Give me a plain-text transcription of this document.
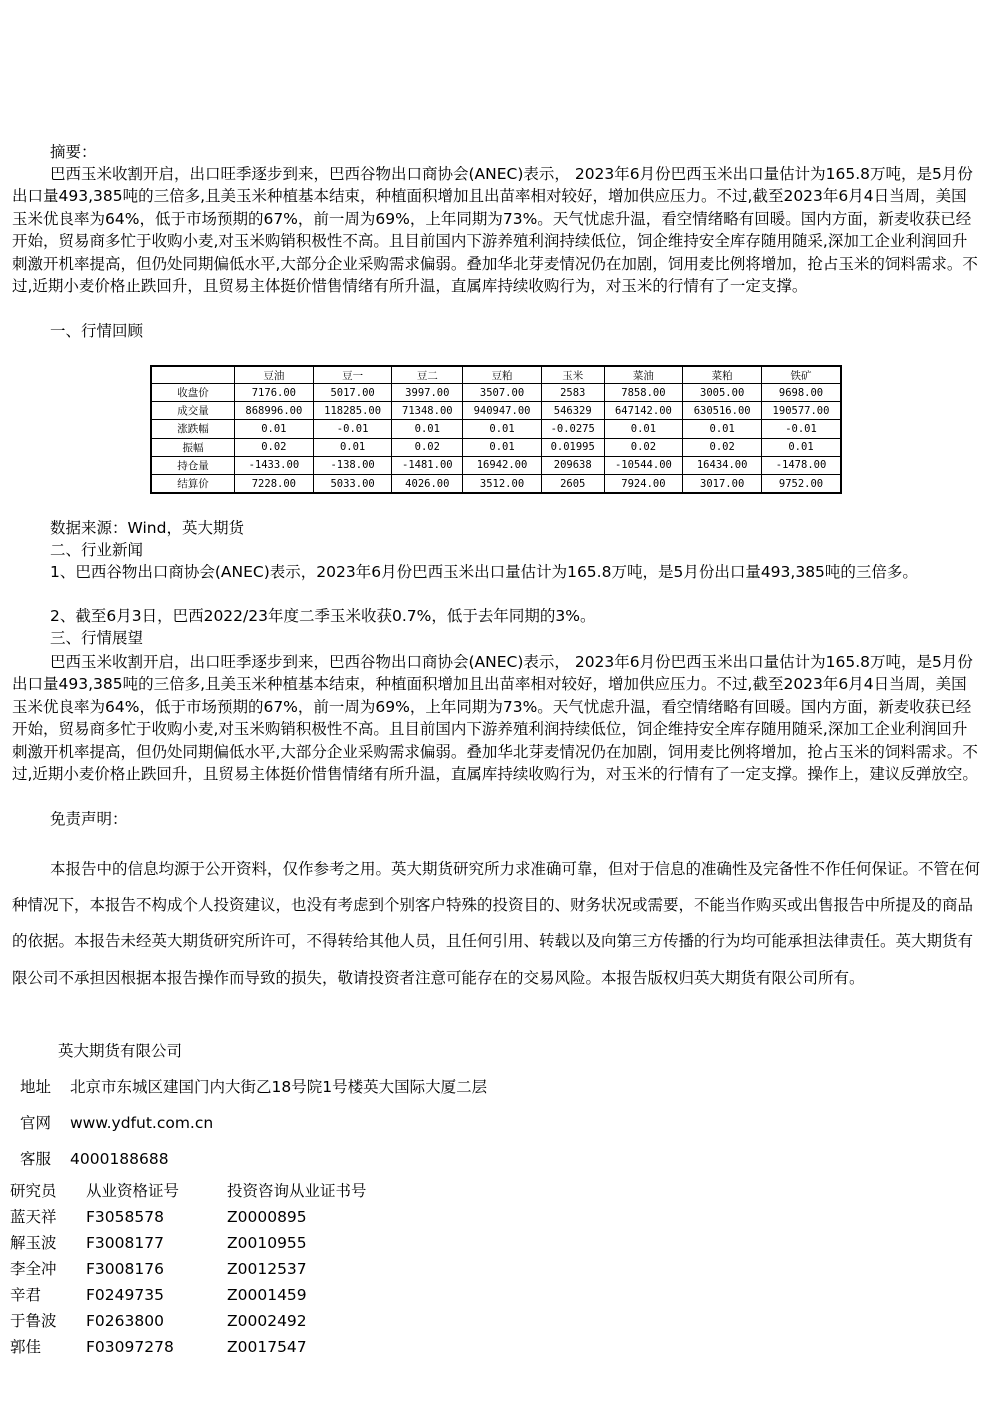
摘要：

巴西玉米收割开启，出口旺季逐步到来，巴西谷物出口商协会(ANEC)表示， 2023年6月份巴西玉米出口量估计为165.8万吨，是5月份出口量493,385吨的三倍多,且美玉米种植基本结束，种植面积增加且出苗率相对较好，增加供应压力。不过,截至2023年6月4日当周，美国玉米优良率为64%，低于市场预期的67%，前一周为69%，上年同期为73%。天气忧虑升温，看空情绪略有回暖。国内方面，新麦收获已经开始，贸易商多忙于收购小麦,对玉米购销积极性不高。且目前国内下游养殖利润持续低位，饲企维持安全库存随用随采,深加工企业利润回升刺激开机率提高，但仍处同期偏低水平,大部分企业采购需求偏弱。叠加华北芽麦情况仍在加剧，饲用麦比例将增加，抢占玉米的饲料需求。不过,近期小麦价格止跌回升，且贸易主体挺价惜售情绪有所升温，直属库持续收购行为，对玉米的行情有了一定支撑。

一、行情回顾

	豆油	豆一	豆二	豆粕	玉米	菜油	菜粕	铁矿
收盘价	7176.00	5017.00	3997.00	3507.00	2583	7858.00	3005.00	9698.00
成交量	868996.00	118285.00	71348.00	940947.00	546329	647142.00	630516.00	190577.00
涨跌幅	0.01	-0.01	0.01	0.01	-0.0275	0.01	0.01	-0.01
振幅	0.02	0.01	0.02	0.01	0.01995	0.02	0.02	0.01
持仓量	-1433.00	-138.00	-1481.00	16942.00	209638	-10544.00	16434.00	-1478.00
结算价	7228.00	5033.00	4026.00	3512.00	2605	7924.00	3017.00	9752.00

数据来源：Wind，英大期货

二、行业新闻

1、巴西谷物出口商协会(ANEC)表示，2023年6月份巴西玉米出口量估计为165.8万吨，是5月份出口量493,385吨的三倍多。

2、截至6月3日，巴西2022/23年度二季玉米收获0.7%，低于去年同期的3%。

三、行情展望

巴西玉米收割开启，出口旺季逐步到来，巴西谷物出口商协会(ANEC)表示， 2023年6月份巴西玉米出口量估计为165.8万吨，是5月份出口量493,385吨的三倍多,且美玉米种植基本结束，种植面积增加且出苗率相对较好，增加供应压力。不过,截至2023年6月4日当周，美国玉米优良率为64%，低于市场预期的67%，前一周为69%，上年同期为73%。天气忧虑升温，看空情绪略有回暖。国内方面，新麦收获已经开始，贸易商多忙于收购小麦,对玉米购销积极性不高。且目前国内下游养殖利润持续低位，饲企维持安全库存随用随采,深加工企业利润回升刺激开机率提高，但仍处同期偏低水平,大部分企业采购需求偏弱。叠加华北芽麦情况仍在加剧，饲用麦比例将增加，抢占玉米的饲料需求。不过,近期小麦价格止跌回升，且贸易主体挺价惜售情绪有所升温，直属库持续收购行为，对玉米的行情有了一定支撑。操作上，建议反弹放空。

免责声明：

本报告中的信息均源于公开资料，仅作参考之用。英大期货研究所力求准确可靠，但对于信息的准确性及完备性不作任何保证。不管在何种情况下，本报告不构成个人投资建议，也没有考虑到个别客户特殊的投资目的、财务状况或需要，不能当作购买或出售报告中所提及的商品的依据。本报告未经英大期货研究所许可，不得转给其他人员，且任何引用、转载以及向第三方传播的行为均可能承担法律责任。英大期货有限公司不承担因根据本报告操作而导致的损失，敬请投资者注意可能存在的交易风险。本报告版权归英大期货有限公司所有。

英大期货有限公司

地址 北京市东城区建国门内大街乙18号院1号楼英大国际大厦二层

官网 www.ydfut.com.cn

客服 4000188688

研究员	从业资格证号	投资咨询从业证书号
蓝天祥	F3058578	Z0000895
解玉波	F3008177	Z0010955
李全冲	F3008176	Z0012537
辛君	F0249735	Z0001459
于鲁波	F0263800	Z0002492
郭佳	F03097278	Z0017547
